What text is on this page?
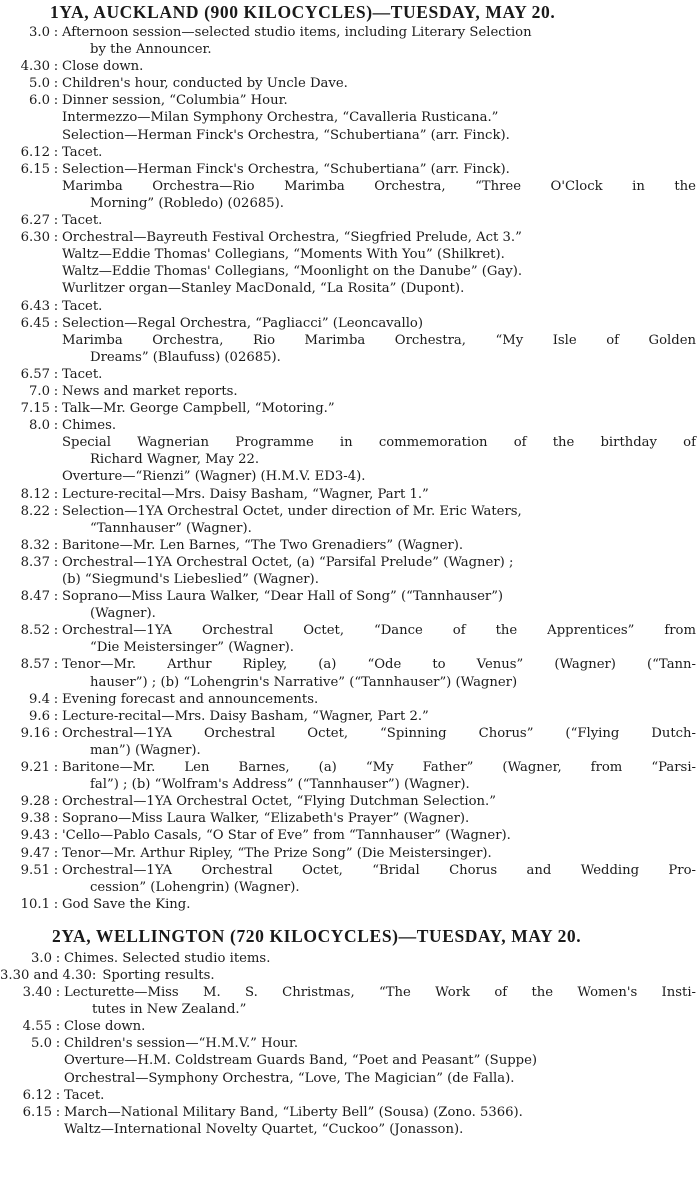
1YA, AUCKLAND (900 KILOCYCLES)—TUESDAY, MAY 20.
3.0 : Afternoon session—selected studio items, including Literary Selection
by the Announcer.
4.30 : Close down.
5.0 : Children's hour, conducted by Uncle Dave.
6.0 : Dinner session, “Columbia” Hour.
Intermezzo—Milan Symphony Orchestra, “Cavalleria Rusticana.”
Selection—Herman Finck's Orchestra, “Schubertiana” (arr. Finck).
6.12 : Tacet.
6.15 : Selection—Herman Finck's Orchestra, “Schubertiana” (arr. Finck).
Marimba Orchestra—Rio Marimba Orchestra, “Three O'Clock in the
Morning” (Robledo) (02685).
6.27 : Tacet.
6.30 : Orchestral—Bayreuth Festival Orchestra, “Siegfried Prelude, Act 3.”
Waltz—Eddie Thomas' Collegians, “Moments With You” (Shilkret).
Waltz—Eddie Thomas' Collegians, “Moonlight on the Danube” (Gay).
Wurlitzer organ—Stanley MacDonald, “La Rosita” (Dupont).
6.43 : Tacet.
6.45 : Selection—Regal Orchestra, “Pagliacci” (Leoncavallo)
Marimba Orchestra, Rio Marimba Orchestra, “My Isle of Golden
Dreams” (Blaufuss) (02685).
6.57 : Tacet.
7.0 : News and market reports.
7.15 : Talk—Mr. George Campbell, “Motoring.”
8.0 : Chimes.
Special Wagnerian Programme in commemoration of the birthday of
Richard Wagner, May 22.
Overture—“Rienzi” (Wagner) (H.M.V. ED3-4).
8.12 : Lecture-recital—Mrs. Daisy Basham, “Wagner, Part 1.”
8.22 : Selection—1YA Orchestral Octet, under direction of Mr. Eric Waters,
“Tannhauser” (Wagner).
8.32 : Baritone—Mr. Len Barnes, “The Two Grenadiers” (Wagner).
8.37 : Orchestral—1YA Orchestral Octet, (a) “Parsifal Prelude” (Wagner) ;
(b) “Siegmund's Liebeslied” (Wagner).
8.47 : Soprano—Miss Laura Walker, “Dear Hall of Song” (“Tannhauser”)
(Wagner).
8.52 : Orchestral—1YA Orchestral Octet, “Dance of the Apprentices” from
“Die Meistersinger” (Wagner).
8.57 : Tenor—Mr. Arthur Ripley, (a) “Ode to Venus” (Wagner) (“Tann-
hauser”) ; (b) “Lohengrin's Narrative” (“Tannhauser”) (Wagner)
9.4 : Evening forecast and announcements.
9.6 : Lecture-recital—Mrs. Daisy Basham, “Wagner, Part 2.”
9.16 : Orchestral—1YA Orchestral Octet, “Spinning Chorus” (“Flying Dutch-
man”) (Wagner).
9.21 : Baritone—Mr. Len Barnes, (a) “My Father” (Wagner, from “Parsi-
fal”) ; (b) “Wolfram's Address” (“Tannhauser”) (Wagner).
9.28 : Orchestral—1YA Orchestral Octet, “Flying Dutchman Selection.”
9.38 : Soprano—Miss Laura Walker, “Elizabeth's Prayer” (Wagner).
9.43 : 'Cello—Pablo Casals, “O Star of Eve” from “Tannhauser” (Wagner).
9.47 : Tenor—Mr. Arthur Ripley, “The Prize Song” (Die Meistersinger).
9.51 : Orchestral—1YA Orchestral Octet, “Bridal Chorus and Wedding Pro-
cession” (Lohengrin) (Wagner).
10.1 : God Save the King.
2YA, WELLINGTON (720 KILOCYCLES)—TUESDAY, MAY 20.
3.0 : Chimes. Selected studio items.
3.30 and 4.30: Sporting results.
3.40 : Lecturette—Miss M. S. Christmas, “The Work of the Women's Insti-
tutes in New Zealand.”
4.55 : Close down.
5.0 : Children's session—“H.M.V.” Hour.
Overture—H.M. Coldstream Guards Band, “Poet and Peasant” (Suppe)
Orchestral—Symphony Orchestra, “Love, The Magician” (de Falla).
6.12 : Tacet.
6.15 : March—National Military Band, “Liberty Bell” (Sousa) (Zono. 5366).
Waltz—International Novelty Quartet, “Cuckoo” (Jonasson).
